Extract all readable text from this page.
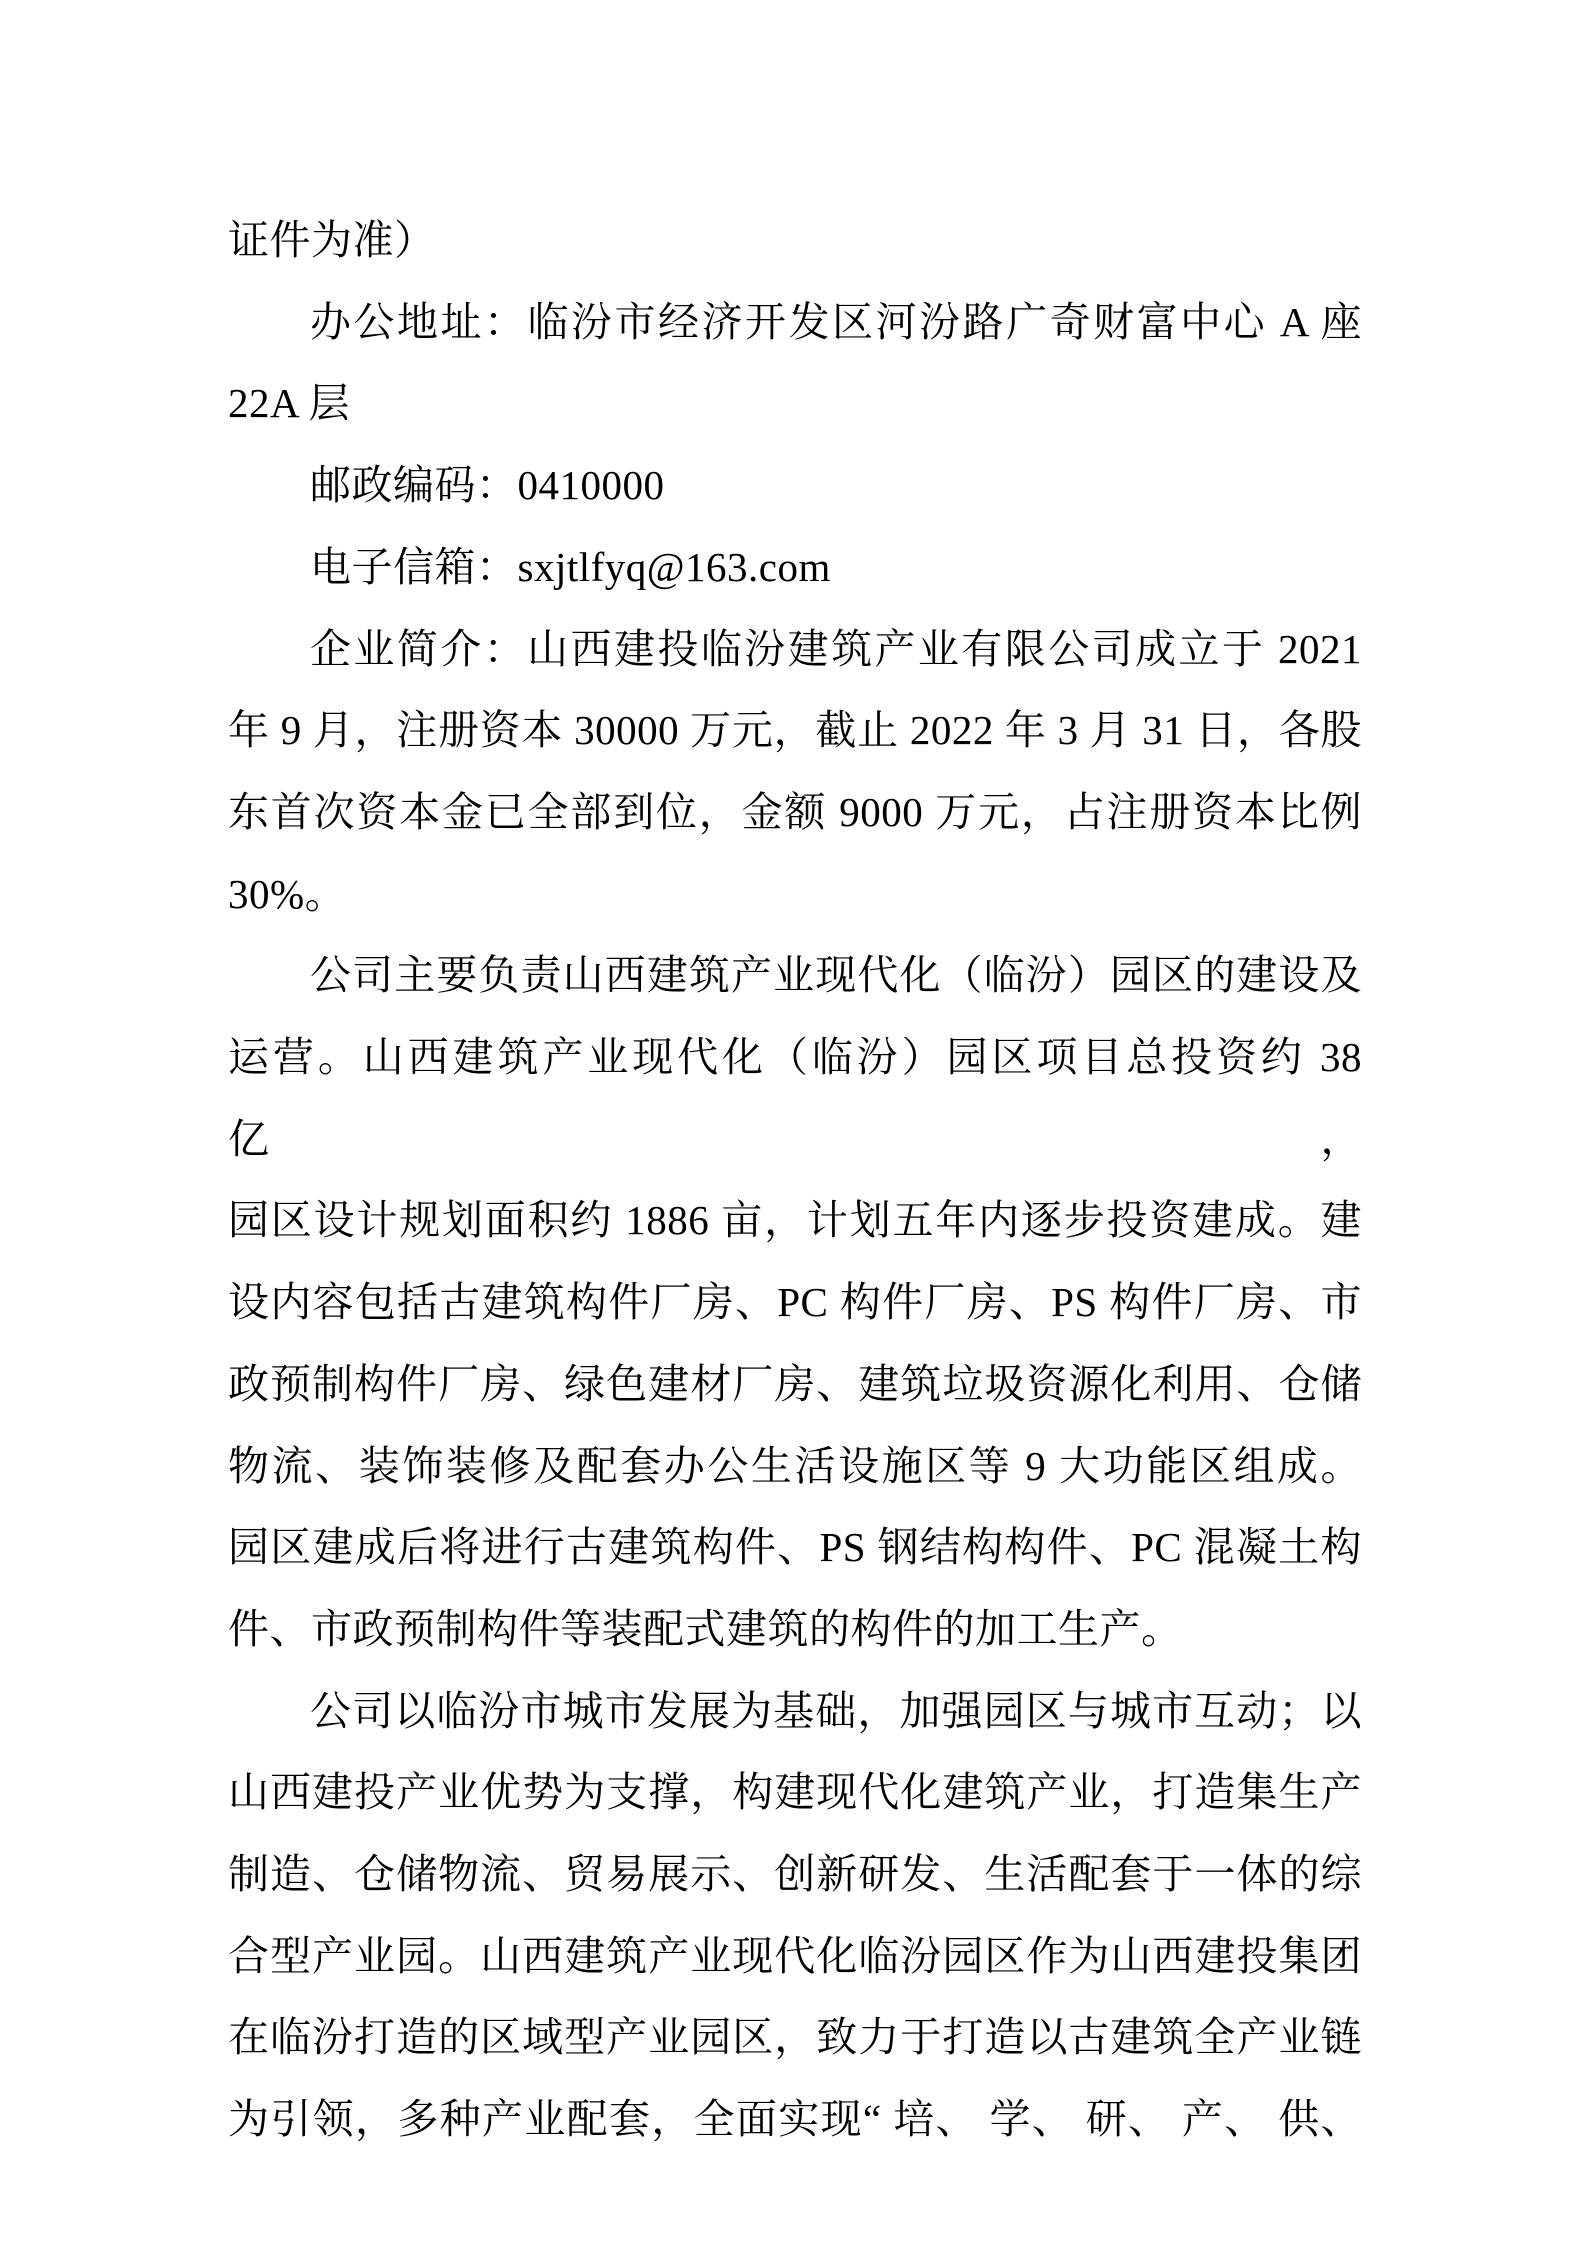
证件为准）
办公地址：临汾市经济开发区河汾路广奇财富中心 A 座
22A 层
邮政编码：0410000
电子信箱：sxjtlfyq@163.com
企业简介：山西建投临汾建筑产业有限公司成立于 2021
年 9 月，注册资本 30000 万元，截止 2022 年 3 月 31 日，各股
东首次资本金已全部到位，金额 9000 万元，占注册资本比例
30%。
公司主要负责山西建筑产业现代化（临汾）园区的建设及
运营。山西建筑产业现代化（临汾）园区项目总投资约 38 亿，
园区设计规划面积约 1886 亩，计划五年内逐步投资建成。建
设内容包括古建筑构件厂房、PC 构件厂房、PS 构件厂房、市
政预制构件厂房、绿色建材厂房、建筑垃圾资源化利用、仓储
物流、装饰装修及配套办公生活设施区等 9 大功能区组成。
园区建成后将进行古建筑构件、PS 钢结构构件、PC 混凝土构
件、市政预制构件等装配式建筑的构件的加工生产。
公司以临汾市城市发展为基础，加强园区与城市互动；以
山西建投产业优势为支撑，构建现代化建筑产业，打造集生产
制造、仓储物流、贸易展示、创新研发、生活配套于一体的综
合型产业园。山西建筑产业现代化临汾园区作为山西建投集团
在临汾打造的区域型产业园区，致力于打造以古建筑全产业链
为引领，多种产业配套，全面实现“ 培、 学、 研、 产、 供、
